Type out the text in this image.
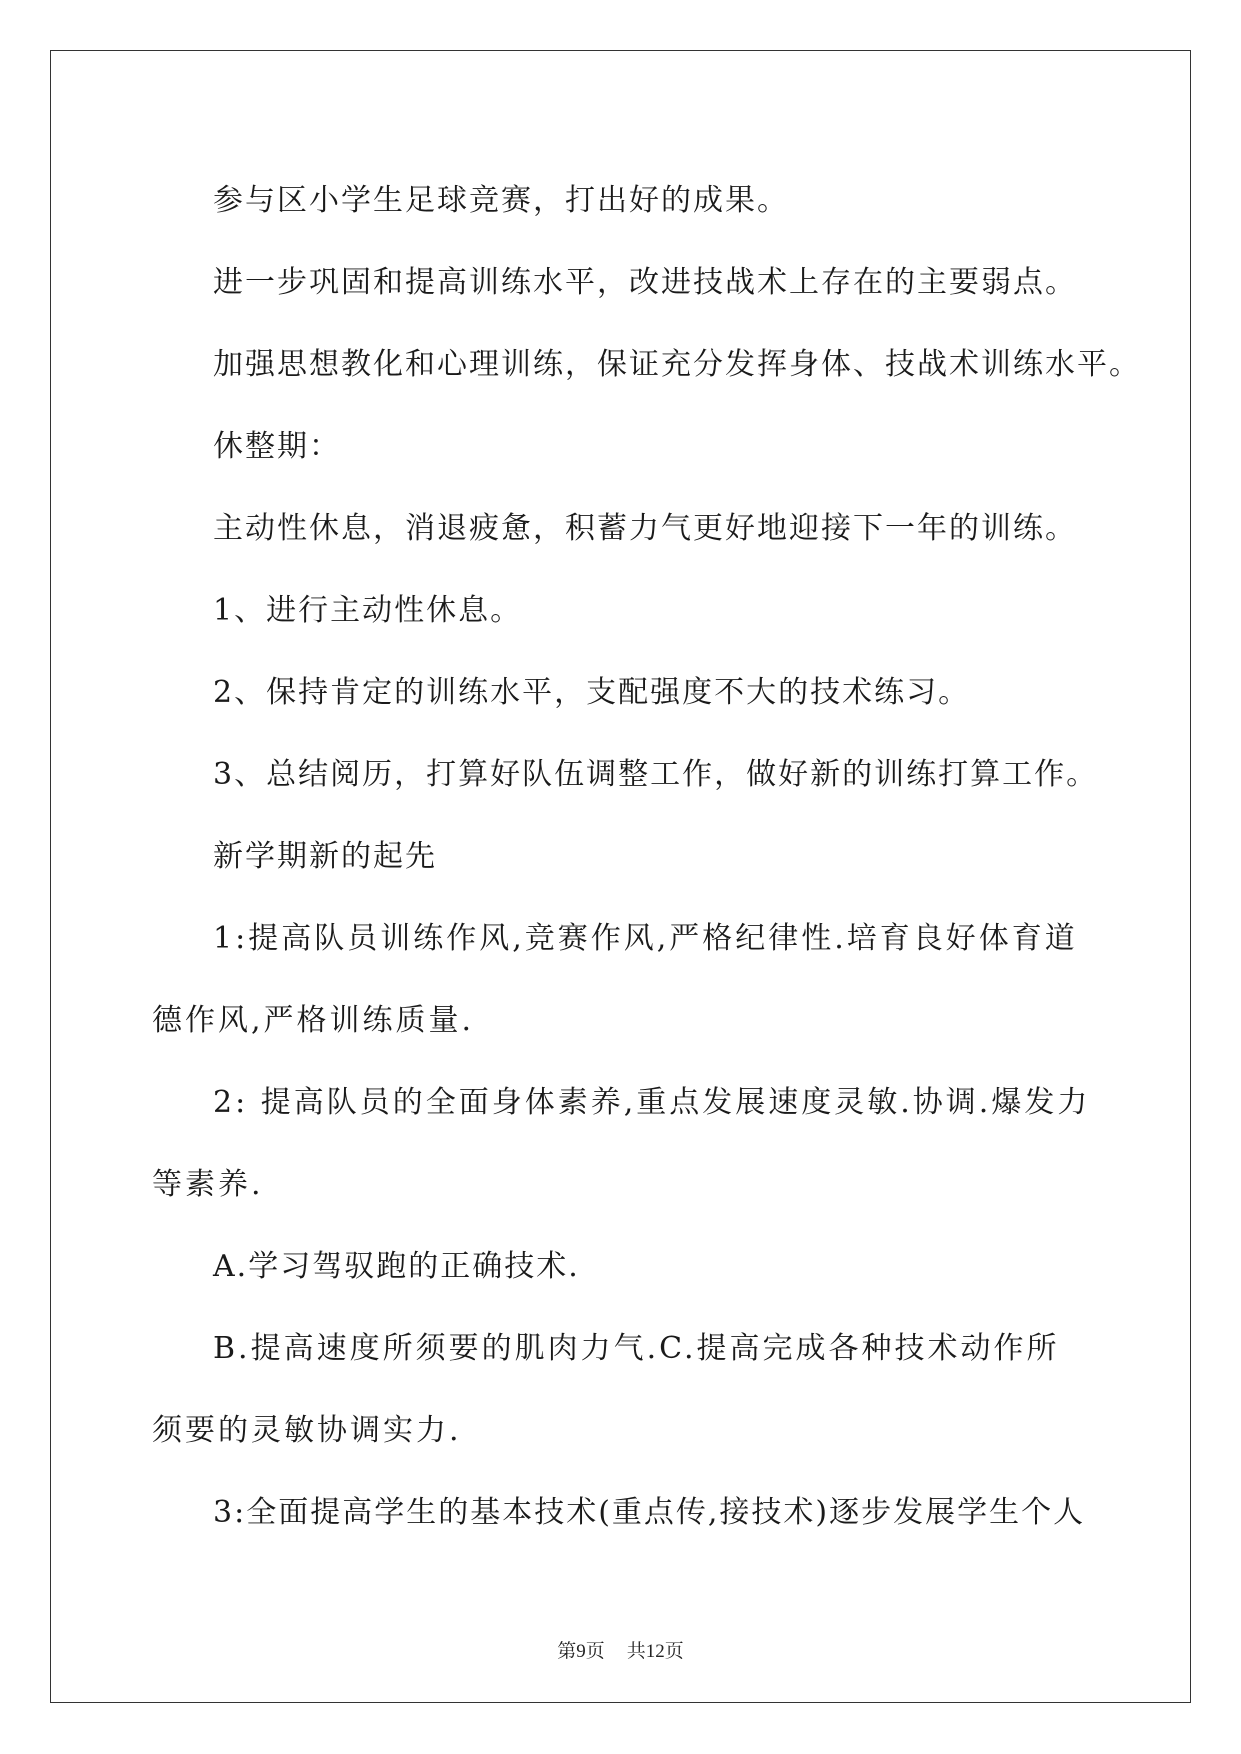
参与区小学生足球竞赛，打出好的成果。

进一步巩固和提高训练水平，改进技战术上存在的主要弱点。

加强思想教化和心理训练，保证充分发挥身体、技战术训练水平。

休整期：

主动性休息，消退疲惫，积蓄力气更好地迎接下一年的训练。

1、进行主动性休息。

2、保持肯定的训练水平，支配强度不大的技术练习。

3、总结阅历，打算好队伍调整工作，做好新的训练打算工作。

新学期新的起先

1:提高队员训练作风,竞赛作风,严格纪律性.培育良好体育道德作风,严格训练质量.

2: 提高队员的全面身体素养,重点发展速度灵敏.协调.爆发力等素养.

A.学习驾驭跑的正确技术.

B.提高速度所须要的肌肉力气.C.提高完成各种技术动作所须要的灵敏协调实力.

3:全面提高学生的基本技术(重点传,接技术)逐步发展学生个人

第9页 共12页
